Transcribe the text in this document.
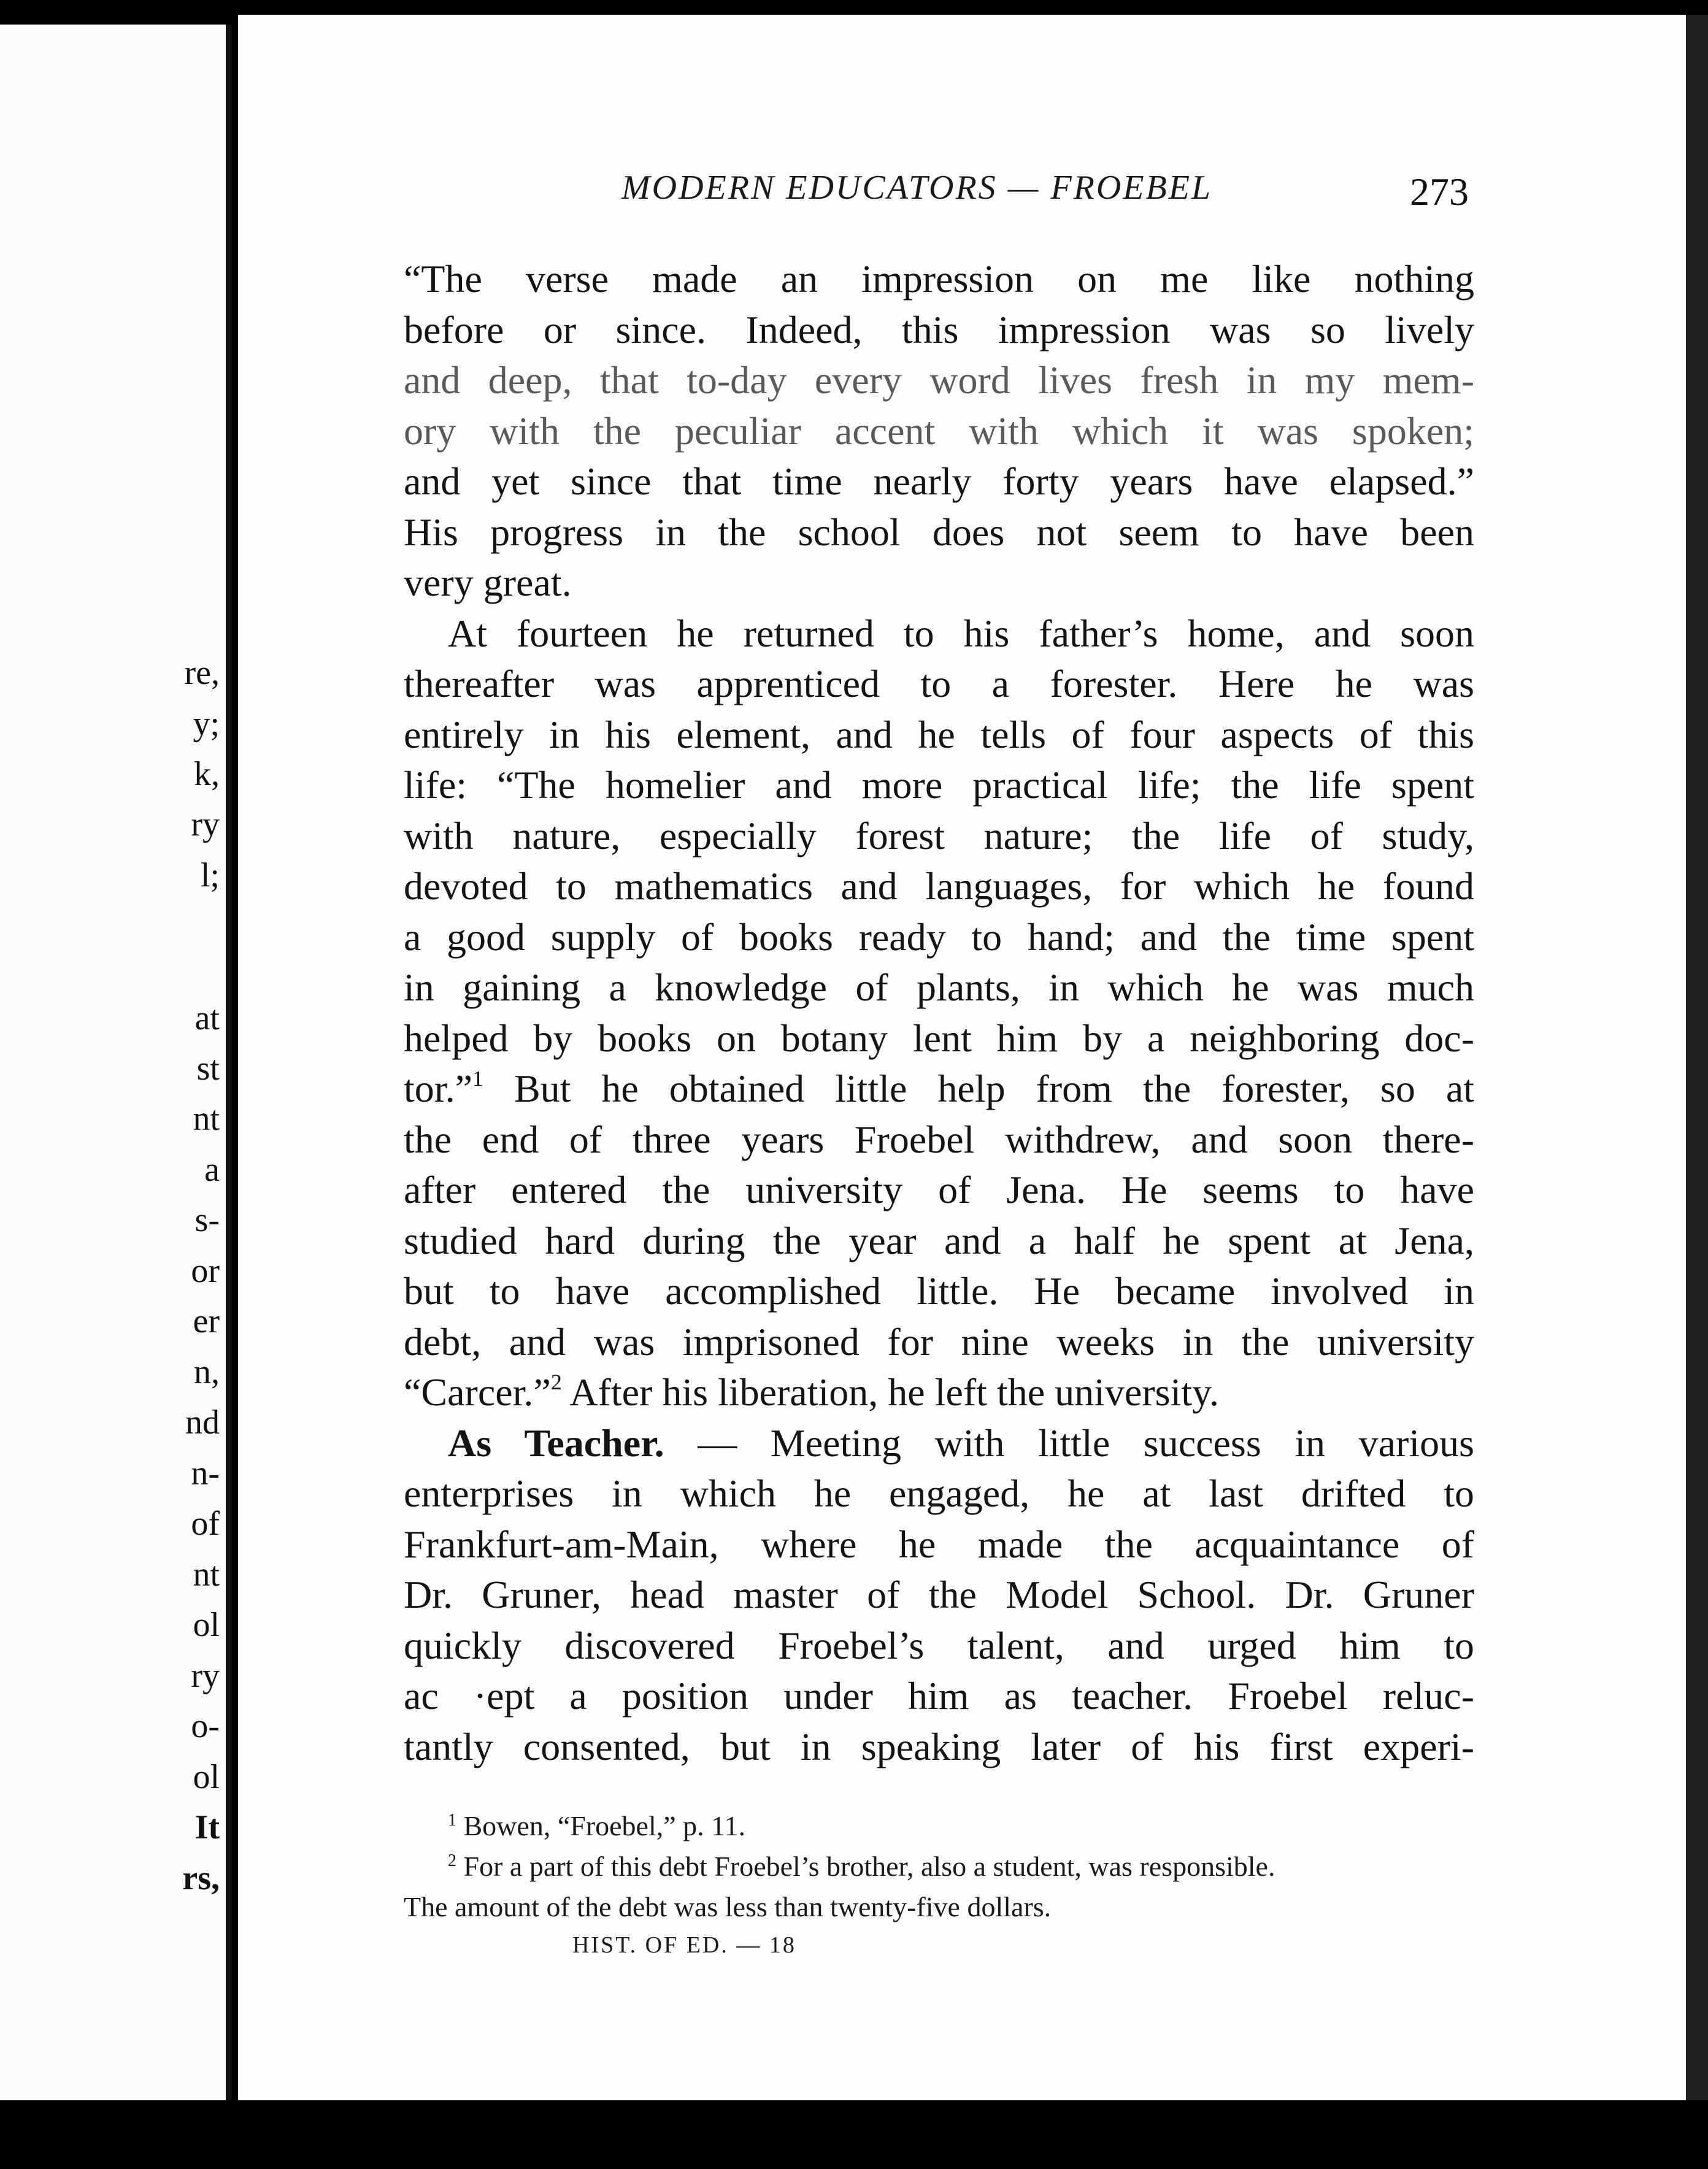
re,
y;
k,
ry
l;
at
st
nt
a
s-
or
er
n,
nd
n-
of
nt
ol
ry
o-
ol
It
rs,
MODERN EDUCATORS — FROEBEL	273
“The verse made an impression on me like nothing
before or since. Indeed, this impression was so lively
and deep, that to-day every word lives fresh in my mem-
ory with the peculiar accent with which it was spoken;
and yet since that time nearly forty years have elapsed.”
His progress in the school does not seem to have been
very great.
At fourteen he returned to his father’s home, and soon
thereafter was apprenticed to a forester. Here he was
entirely in his element, and he tells of four aspects of this
life: “The homelier and more practical life; the life spent
with nature, especially forest nature; the life of study,
devoted to mathematics and languages, for which he found
a good supply of books ready to hand; and the time spent
in gaining a knowledge of plants, in which he was much
helped by books on botany lent him by a neighboring doc-
tor.”$^1$ But he obtained little help from the forester, so at
the end of three years Froebel withdrew, and soon there-
after entered the university of Jena. He seems to have
studied hard during the year and a half he spent at Jena,
but to have accomplished little. He became involved in
debt, and was imprisoned for nine weeks in the university
“Carcer.”$^2$ After his liberation, he left the university.
As Teacher. — Meeting with little success in various
enterprises in which he engaged, he at last drifted to
Frankfurt-am-Main, where he made the acquaintance of
Dr. Gruner, head master of the Model School. Dr. Gruner
quickly discovered Froebel’s talent, and urged him to
ac ·ept a position under him as teacher. Froebel reluc-
tantly consented, but in speaking later of his first experi-
$^1$ Bowen, “Froebel,” p. 11.
$^2$ For a part of this debt Froebel’s brother, also a student, was responsible.
The amount of the debt was less than twenty-five dollars.
HIST. OF ED. — 18
